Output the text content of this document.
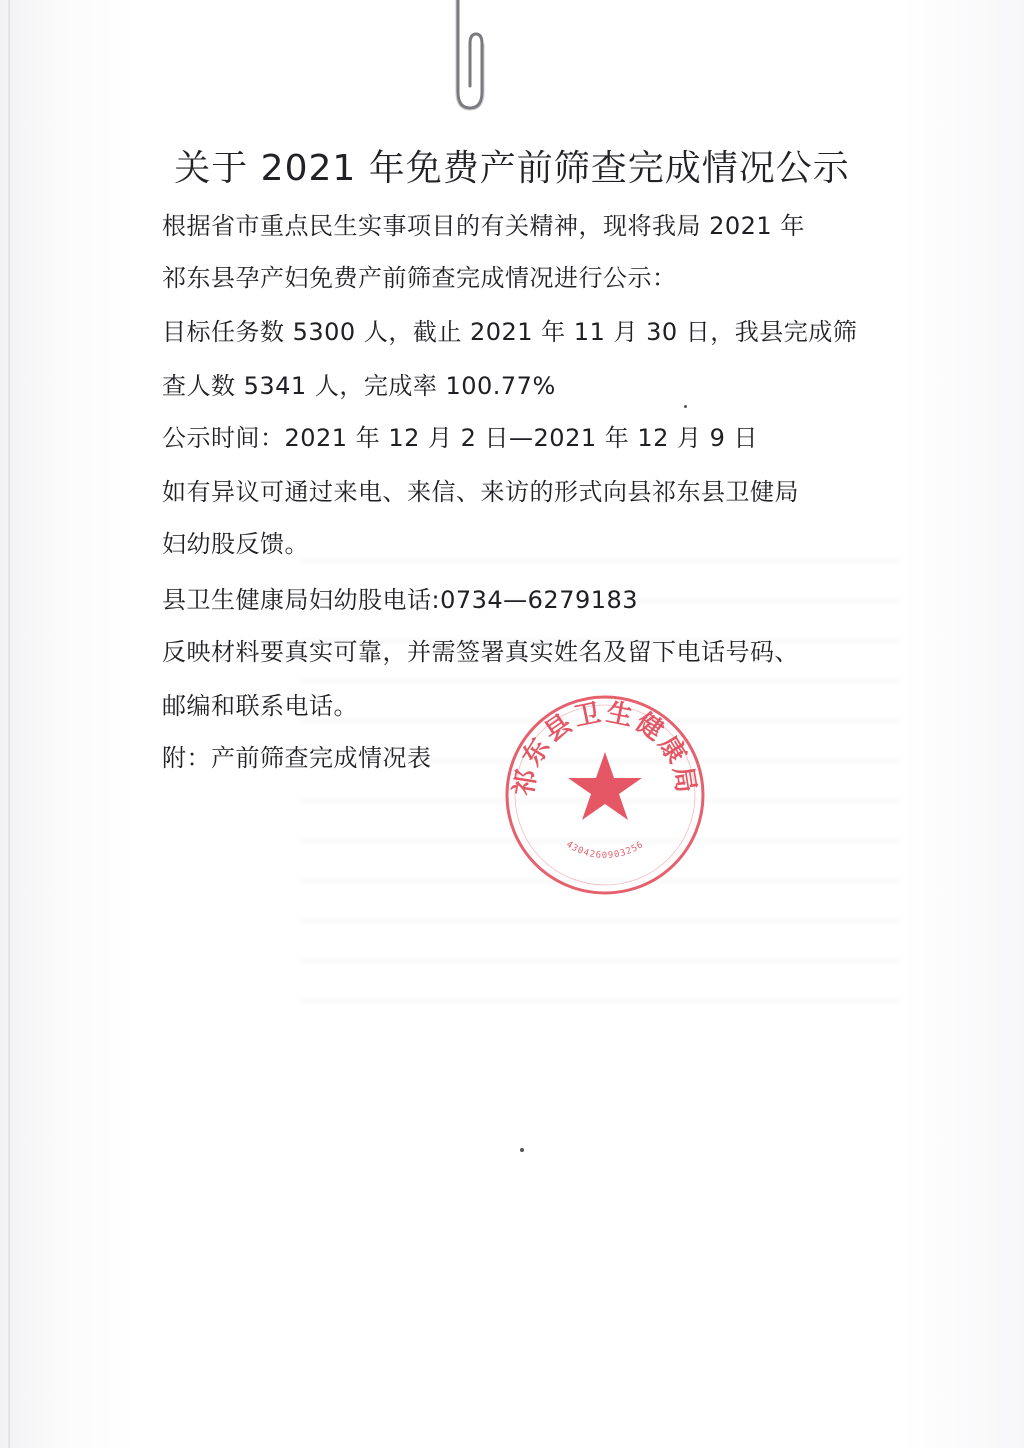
关于 2021 年免费产前筛查完成情况公示
根据省市重点民生实事项目的有关精神，现将我局 2021 年
祁东县孕产妇免费产前筛查完成情况进行公示：
目标任务数 5300 人，截止 2021 年 11 月 30 日，我县完成筛
查人数 5341 人，完成率 100.77%
公示时间：2021 年 12 月 2 日—2021 年 12 月 9 日
如有异议可通过来电、来信、来访的形式向县祁东县卫健局
妇幼股反馈。
县卫生健康局妇幼股电话:0734—6279183
反映材料要真实可靠，并需签署真实姓名及留下电话号码、
邮编和联系电话。
附：产前筛查完成情况表
祁东县卫生健康局
4304260903256
